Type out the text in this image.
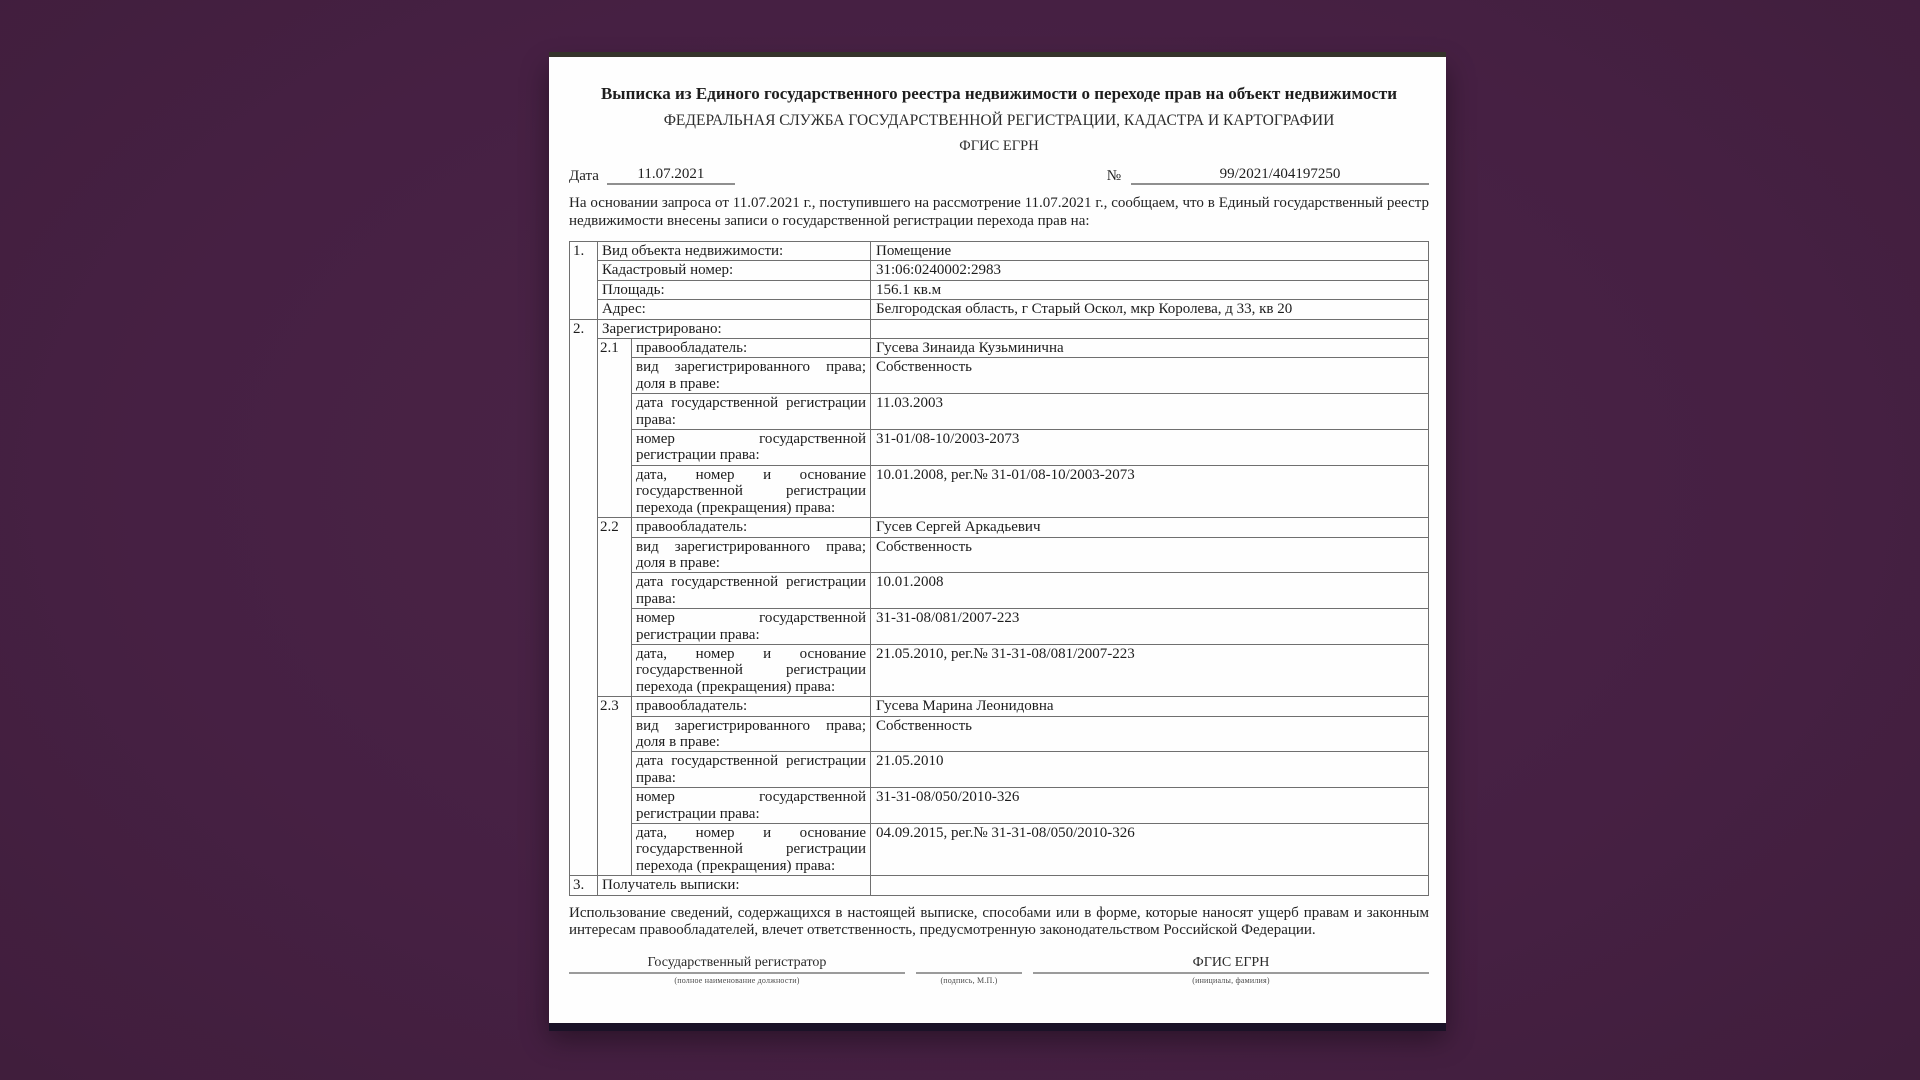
Выписка из Единого государственного реестра недвижимости о переходе прав на объект недвижимости
ФЕДЕРАЛЬНАЯ СЛУЖБА ГОСУДАРСТВЕННОЙ РЕГИСТРАЦИИ, КАДАСТРА И КАРТОГРАФИИ
ФГИС ЕГРН
Дата	11.07.2021	№	99/2021/404197250
На основании запроса от 11.07.2021 г., поступившего на рассмотрение 11.07.2021 г., сообщаем, что в Единый государственный реестр недвижимости внесены записи о государственной регистрации перехода прав на:
1.	Вид объекта недвижимости:		Помещение
	Кадастровый номер:		31:06:0240002:2983
	Площадь:		156.1 кв.м
	Адрес:		Белгородская область, г Старый Оскол, мкр Королева, д 33, кв 20
2.	Зарегистрировано:		
	2.1	правообладатель:	Гусева Зинаида Кузьминична
		вид зарегистрированного права; доля в праве:	Собственность
		дата государственной регистрации права:	11.03.2003
		номер государственной регистрации права:	31-01/08-10/2003-2073
		дата, номер и основание государственной регистрации перехода (прекращения) права:	10.01.2008, рег.№ 31-01/08-10/2003-2073
	2.2	правообладатель:	Гусев Сергей Аркадьевич
		вид зарегистрированного права; доля в праве:	Собственность
		дата государственной регистрации права:	10.01.2008
		номер государственной регистрации права:	31-31-08/081/2007-223
		дата, номер и основание государственной регистрации перехода (прекращения) права:	21.05.2010, рег.№ 31-31-08/081/2007-223
	2.3	правообладатель:	Гусева Марина Леонидовна
		вид зарегистрированного права; доля в праве:	Собственность
		дата государственной регистрации права:	21.05.2010
		номер государственной регистрации права:	31-31-08/050/2010-326
		дата, номер и основание государственной регистрации перехода (прекращения) права:	04.09.2015, рег.№ 31-31-08/050/2010-326
3.	Получатель выписки:		
Использование сведений, содержащихся в настоящей выписке, способами или в форме, которые наносят ущерб правам и законным интересам правообладателей, влечет ответственность, предусмотренную законодательством Российской Федерации.
Государственный регистратор
(полное наименование должности)	(подпись, М.П.)
ФГИС ЕГРН
(инициалы, фамилия)
